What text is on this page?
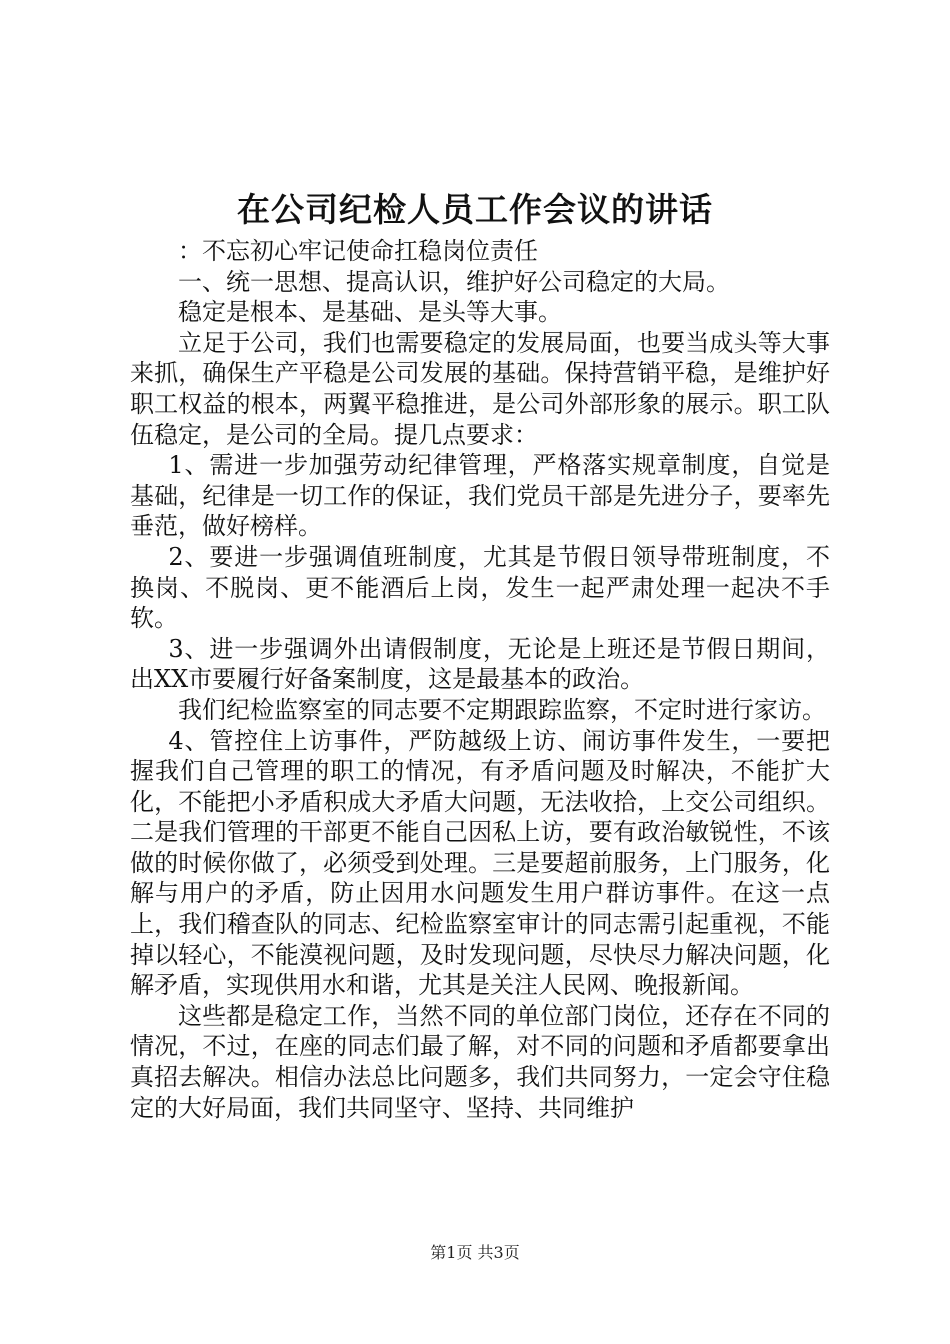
在公司纪检人员工作会议的讲话

：不忘初心牢记使命扛稳岗位责任

一、统一思想、提高认识，维护好公司稳定的大局。

稳定是根本、是基础、是头等大事。

立足于公司，我们也需要稳定的发展局面，也要当成头等大事来抓，确保生产平稳是公司发展的基础。保持营销平稳，是维护好职工权益的根本，两翼平稳推进，是公司外部形象的展示。职工队伍稳定，是公司的全局。提几点要求：

1、需进一步加强劳动纪律管理，严格落实规章制度，自觉是基础，纪律是一切工作的保证，我们党员干部是先进分子，要率先垂范，做好榜样。

2、要进一步强调值班制度，尤其是节假日领导带班制度，不换岗、不脱岗、更不能酒后上岗，发生一起严肃处理一起决不手软。

3、进一步强调外出请假制度，无论是上班还是节假日期间，出XX市要履行好备案制度，这是最基本的政治。

我们纪检监察室的同志要不定期跟踪监察，不定时进行家访。

4、管控住上访事件，严防越级上访、闹访事件发生，一要把握我们自己管理的职工的情况，有矛盾问题及时解决，不能扩大化，不能把小矛盾积成大矛盾大问题，无法收拾，上交公司组织。二是我们管理的干部更不能自己因私上访，要有政治敏锐性，不该做的时候你做了，必须受到处理。三是要超前服务，上门服务，化解与用户的矛盾，防止因用水问题发生用户群访事件。在这一点上，我们稽查队的同志、纪检监察室审计的同志需引起重视，不能掉以轻心，不能漠视问题，及时发现问题，尽快尽力解决问题，化解矛盾，实现供用水和谐，尤其是关注人民网、晚报新闻。

这些都是稳定工作，当然不同的单位部门岗位，还存在不同的情况，不过，在座的同志们最了解，对不同的问题和矛盾都要拿出真招去解决。相信办法总比问题多，我们共同努力，一定会守住稳定的大好局面，我们共同坚守、坚持、共同维护

第1页 共3页
